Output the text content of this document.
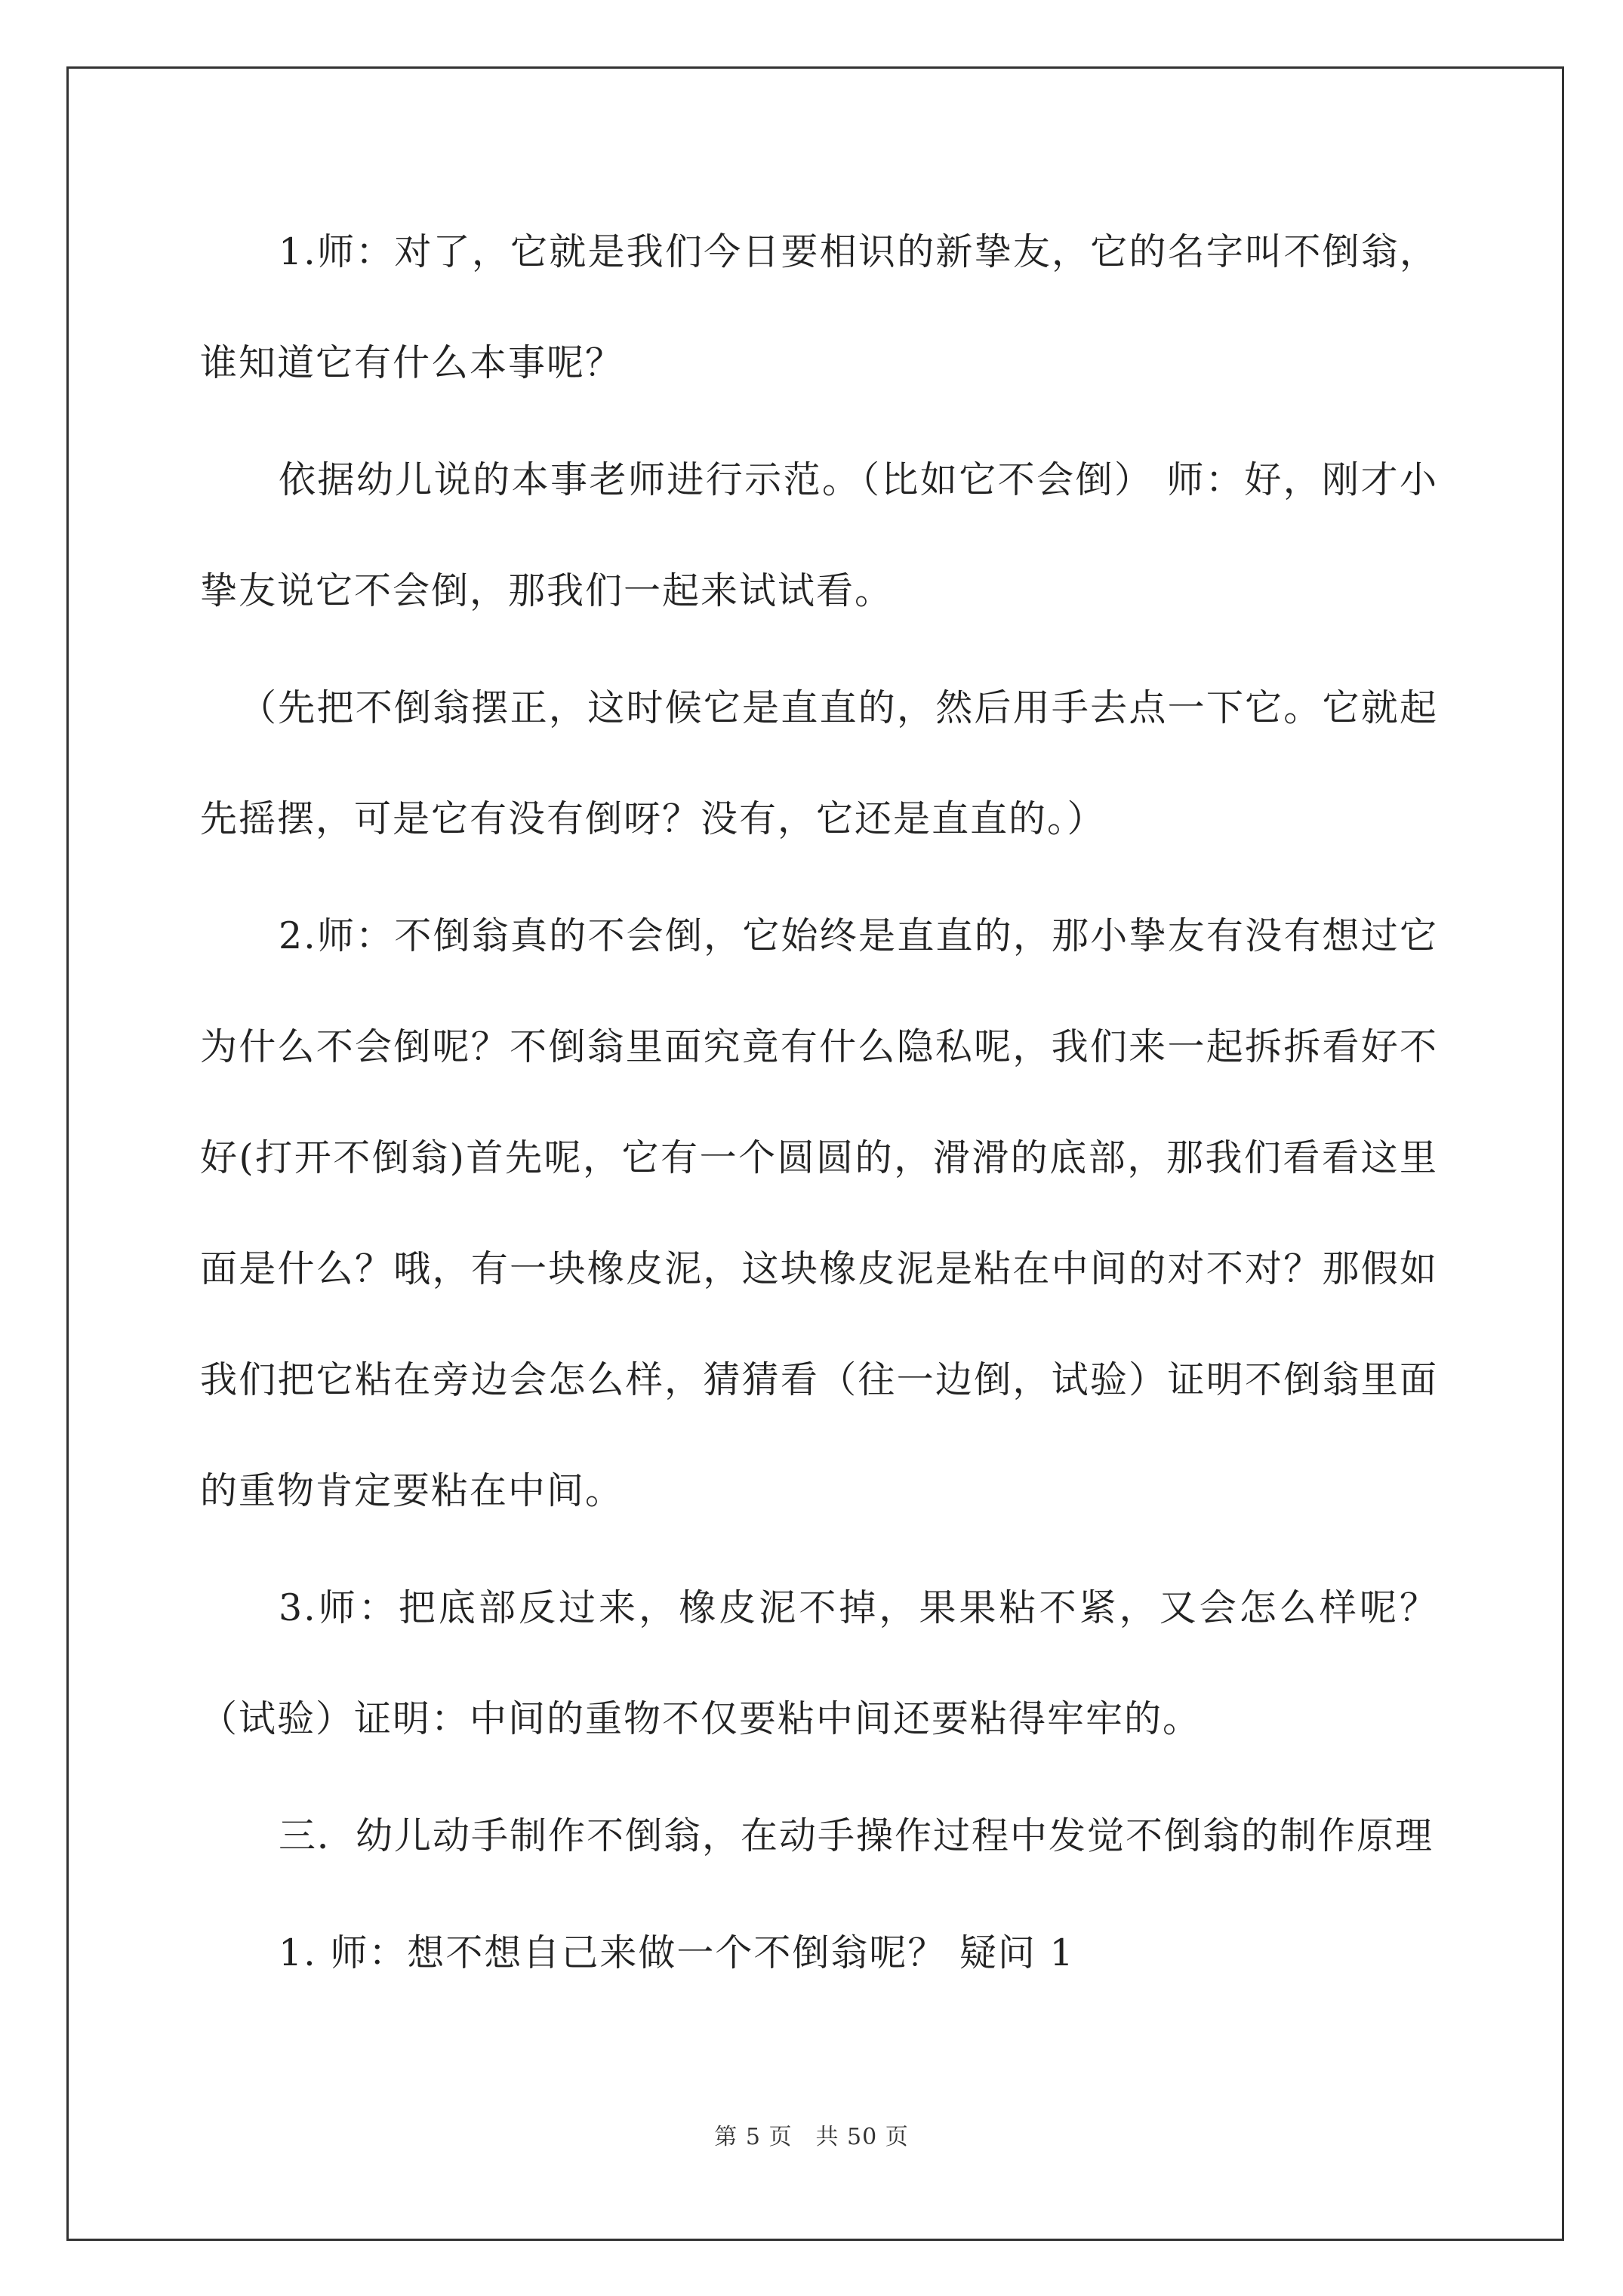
1.师：对了，它就是我们今日要相识的新挚友，它的名字叫不倒翁，谁知道它有什么本事呢？

依据幼儿说的本事老师进行示范。（比如它不会倒） 师：好，刚才小挚友说它不会倒，那我们一起来试试看。

（先把不倒翁摆正，这时候它是直直的，然后用手去点一下它。它就起先摇摆，可是它有没有倒呀？没有，它还是直直的。）

2.师：不倒翁真的不会倒，它始终是直直的，那小挚友有没有想过它为什么不会倒呢？不倒翁里面究竟有什么隐私呢，我们来一起拆拆看好不好(打开不倒翁)首先呢，它有一个圆圆的，滑滑的底部，那我们看看这里面是什么？哦，有一块橡皮泥，这块橡皮泥是粘在中间的对不对？那假如我们把它粘在旁边会怎么样，猜猜看（往一边倒，试验）证明不倒翁里面的重物肯定要粘在中间。

3.师：把底部反过来，橡皮泥不掉，果果粘不紧，又会怎么样呢？（试验）证明：中间的重物不仅要粘中间还要粘得牢牢的。

三．幼儿动手制作不倒翁，在动手操作过程中发觉不倒翁的制作原理

1. 师：想不想自己来做一个不倒翁呢？ 疑问 1

第 5 页　共 50 页
